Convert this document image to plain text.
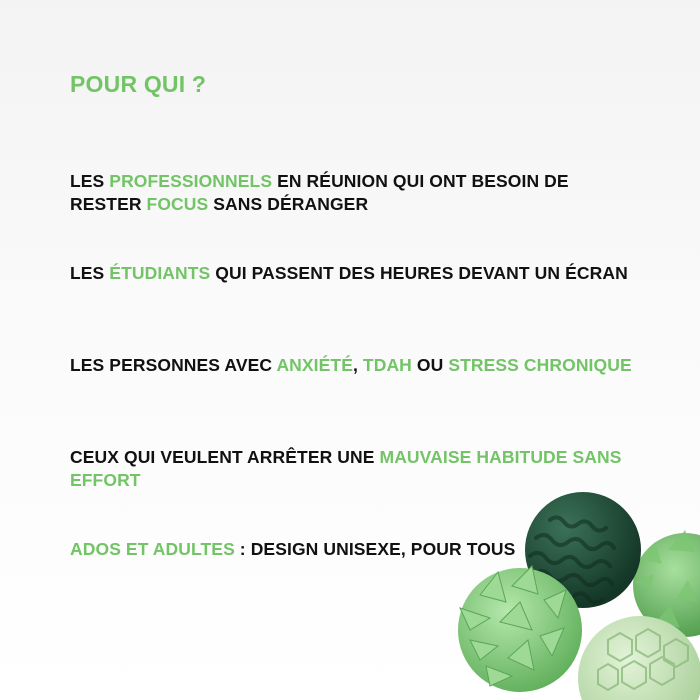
POUR QUI ?

LES PROFESSIONNELS EN RÉUNION QUI ONT BESOIN DE RESTER FOCUS SANS DÉRANGER

LES ÉTUDIANTS QUI PASSENT DES HEURES DEVANT UN ÉCRAN

LES PERSONNES AVEC ANXIÉTÉ, TDAH OU STRESS CHRONIQUE

CEUX QUI VEULENT ARRÊTER UNE MAUVAISE HABITUDE SANS EFFORT

ADOS ET ADULTES : DESIGN UNISEXE, POUR TOUS
